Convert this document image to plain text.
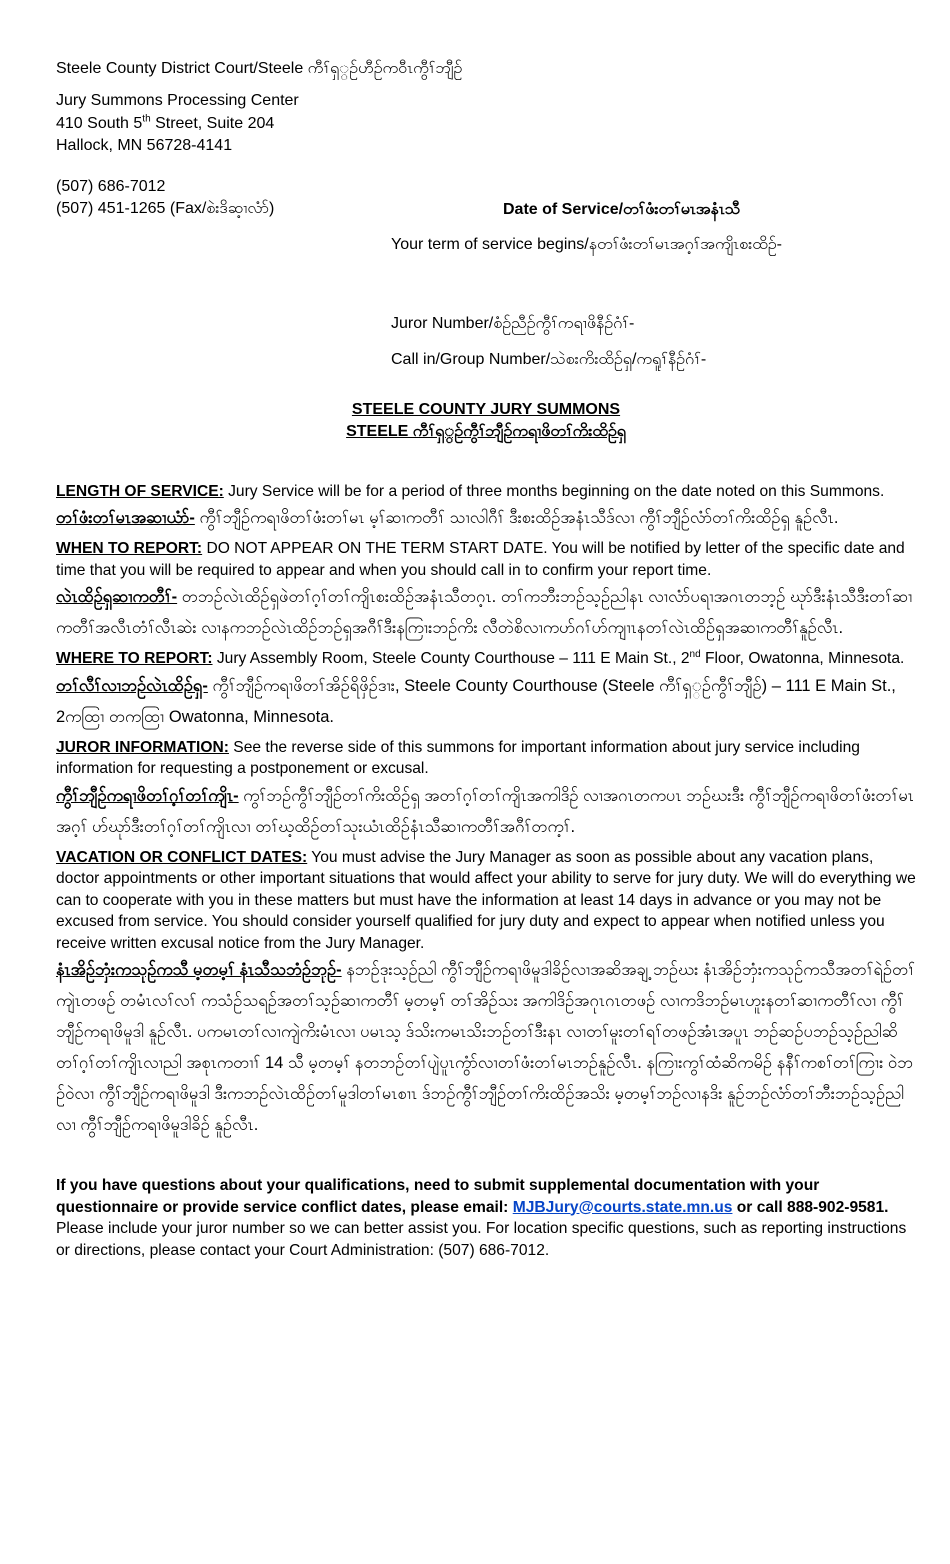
Steele County District Court/Steele ကီၢ်ရှ္ဉ်ဟီဉ်ကဝီၤကွီၢ်ဘျီဉ်
Jury Summons Processing Center
410 South 5th Street, Suite 204
Hallock, MN 56728-4141
(507) 686-7012
(507) 451-1265 (Fax/စဲးဒိဆ့ၢလံာ်)	Date of Service/တၢ်ဖံးတၢ်မၤအနံၤသီ
Your term of service begins/နတၢ်ဖံးတၢ်မၤအဂ့ၢ်အကျိၤစးထိဉ်-
Juror Number/စံဉ်ညီဉ်ကွီၢ်ကရၢဖိနီဉ်ဂံၢ်-
Call in/Group Number/သဲစးကိးထိဉ်ရှ/ကရူၢ်နီဉ်ဂံၢ်-
STEELE COUNTY JURY SUMMONS
STEELE ကီၢ်ရှ္ဉ်ကွီၢ်ဘျီဉ်ကရၢဖိတၢ်ကိးထိဉ်ရှ
LENGTH OF SERVICE: Jury Service will be for a period of three months beginning on the date noted on this Summons.
တၢ်ဖံးတၢ်မၤအဆၢယံာ်- ကွီၢ်ဘျီဉ်ကရၢဖိတၢ်ဖံးတၢ်မၤ မ့ၢ်ဆၢကတီၢ် သၢလါဂီၢ် ဒီးစးထိဉ်အနံၤသီဒ်လၢ ကွီၢ်ဘျီဉ်လံာ်တၢ်ကိးထိဉ်ရှ နူဉ်လီၤ.
WHEN TO REPORT: DO NOT APPEAR ON THE TERM START DATE. You will be notified by letter of the specific date and time that you will be required to appear and when you should call in to confirm your report time.
လဲၤထိဉ်ရှဆၢကတီၢ်- တဘဉ်လဲၤထိဉ်ရှဖဲတၢ်ဂ့ၢ်တၢ်ကျိၤစးထိဉ်အနံၤသီတဂ့ၤ. တၢ်ကဘီးဘဉ်သ့ဉ်ညါနၤ လၢလံာ်ပရၢအဂၤတဘ့ဉ် ဃုာ်ဒီးနံၤသီဒီးတၢ်ဆၢကတီၢ်အလီၤတံၢ်လီၤဆဲး လၢနကဘဉ်လဲၤထိဉ်ဘဉ်ရှအဂီၢ်ဒီးနကြၢးဘဉ်ကိး လီတဲစိလၢကဟ်ဂၢ်ဟ်ကျၢၤနတၢ်လဲၤထိဉ်ရှအဆၢကတီၢ်နူဉ်လီၤ.
WHERE TO REPORT: Jury Assembly Room, Steele County Courthouse – 111 E Main St., 2nd Floor, Owatonna, Minnesota.
တၢ်လီၢ်လၢဘဉ်လဲၤထိဉ်ရှ- ကွီၢ်ဘျီဉ်ကရၢဖိတၢ်အိဉ်ရိဖှိဉ်ဒၢး, Steele County Courthouse (Steele ကီၢ်ရှ္ဉ်ကွီၢ်ဘျီဉ်) – 111 E Main St., 2ကထြၢ တကထြၢ Owatonna, Minnesota.
JUROR INFORMATION: See the reverse side of this summons for important information about jury service including information for requesting a postponement or excusal.
ကွီၢ်ဘျီဉ်ကရၢဖိတၢ်ဂ့ၢ်တၢ်ကျိၤ- ကွၢ်ဘဉ်ကွီၢ်ဘျီဉ်တၢ်ကိးထိဉ်ရှ အတၢ်ဂ့ၢ်တၢ်ကျိၤအကါဒိဉ် လၢအဂၤတကပၤ ဘဉ်ဃးဒီး ကွီၢ်ဘျီဉ်ကရၢဖိတၢ်ဖံးတၢ်မၤအဂ့ၢ် ဟ်ဃုာ်ဒီးတၢ်ဂ့ၢ်တၢ်ကျိၤလၢ တၢ်ဃ့ထိဉ်တၢ်သုးယံၤထိဉ်နံၤသီဆၢကတီၢ်အဂီၢ်တက့ၢ်.
VACATION OR CONFLICT DATES: You must advise the Jury Manager as soon as possible about any vacation plans, doctor appointments or other important situations that would affect your ability to serve for jury duty. We will do everything we can to cooperate with you in these matters but must have the information at least 14 days in advance or you may not be excused from service. You should consider yourself qualified for jury duty and expect to appear when notified unless you receive written excusal notice from the Jury Manager.
နံၤအိဉ်ဘှံးကသုဉ်ကသီ မ့တမ့ၢ် နံၤသီသဘံဉ်ဘုဉ်- နဘဉ်ဒုးသ့ဉ်ညါ ကွီၢ်ဘျီဉ်ကရၢဖိမူဒါခိဉ်လၢအဆိအချ့ ဘဉ်ဃး နံၤအိဉ်ဘှံးကသုဉ်ကသီအတၢ်ရဲဉ်တၢ်ကျဲၤတဖဉ် တမံၤလၢ်လၢ် ကသံဉ်သရဉ်အတၢ်သ့ဉ်ဆၢကတီၢ် မ့တမ့ၢ် တၢ်အိဉ်သး အကါဒိဉ်အဂုၤဂၤတဖဉ် လၢကဒိဘဉ်မၤဟူးနတၢ်ဆၢကတီၢ်လၢ ကွီၢ်ဘျီဉ်ကရၢဖိမူဒါ နူဉ်လီၤ. ပကမၤတၢ်လၢကျဲကိးမံၤလၢ ပမၤသ့ ဒ်သိးကမၤသိးဘဉ်တၢ်ဒီးနၤ လၢတၢ်မူးတၢ်ရၢ်တဖဉ်အံၤအပူၤ ဘဉ်ဆဉ်ပဘဉ်သ့ဉ်ညါဆိတၢ်ဂ့ၢ်တၢ်ကျိၤလၢညါ အစုၤကတၢၢ် 14 သီ မ့တမ့ၢ် နတဘဉ်တၢ်ပျဲပူၤကွံာ်လၢတၢ်ဖံးတၢ်မၤဘဉ်နူဉ်လီၤ. နကြၢးကွၢ်ထံဆိကမိဉ် နနီၢ်ကစၢ်တၢ်ကြၢး ဝဲဘဉ်ဝဲလၢ ကွီၢ်ဘျီဉ်ကရၢဖိမူဒါ ဒီးကဘဉ်လဲၤထိဉ်တၢ်မူဒါတၢ်မၤစၢၤ ဒ်ဘဉ်ကွီၢ်ဘျီဉ်တၢ်ကိးထိဉ်အသိး မ့တမ့ၢ်ဘဉ်လၢနဒိး နူဉ်ဘဉ်လံာ်တၢ်ဘီးဘဉ်သ့ဉ်ညါလၢ ကွီၢ်ဘျီဉ်ကရၢဖိမူဒါခိဉ် နူဉ်လီၤ.
If you have questions about your qualifications, need to submit supplemental documentation with your questionnaire or provide service conflict dates, please email: MJBJury@courts.state.mn.us or call 888-902-9581. Please include your juror number so we can better assist you. For location specific questions, such as reporting instructions or directions, please contact your Court Administration: (507) 686-7012.
